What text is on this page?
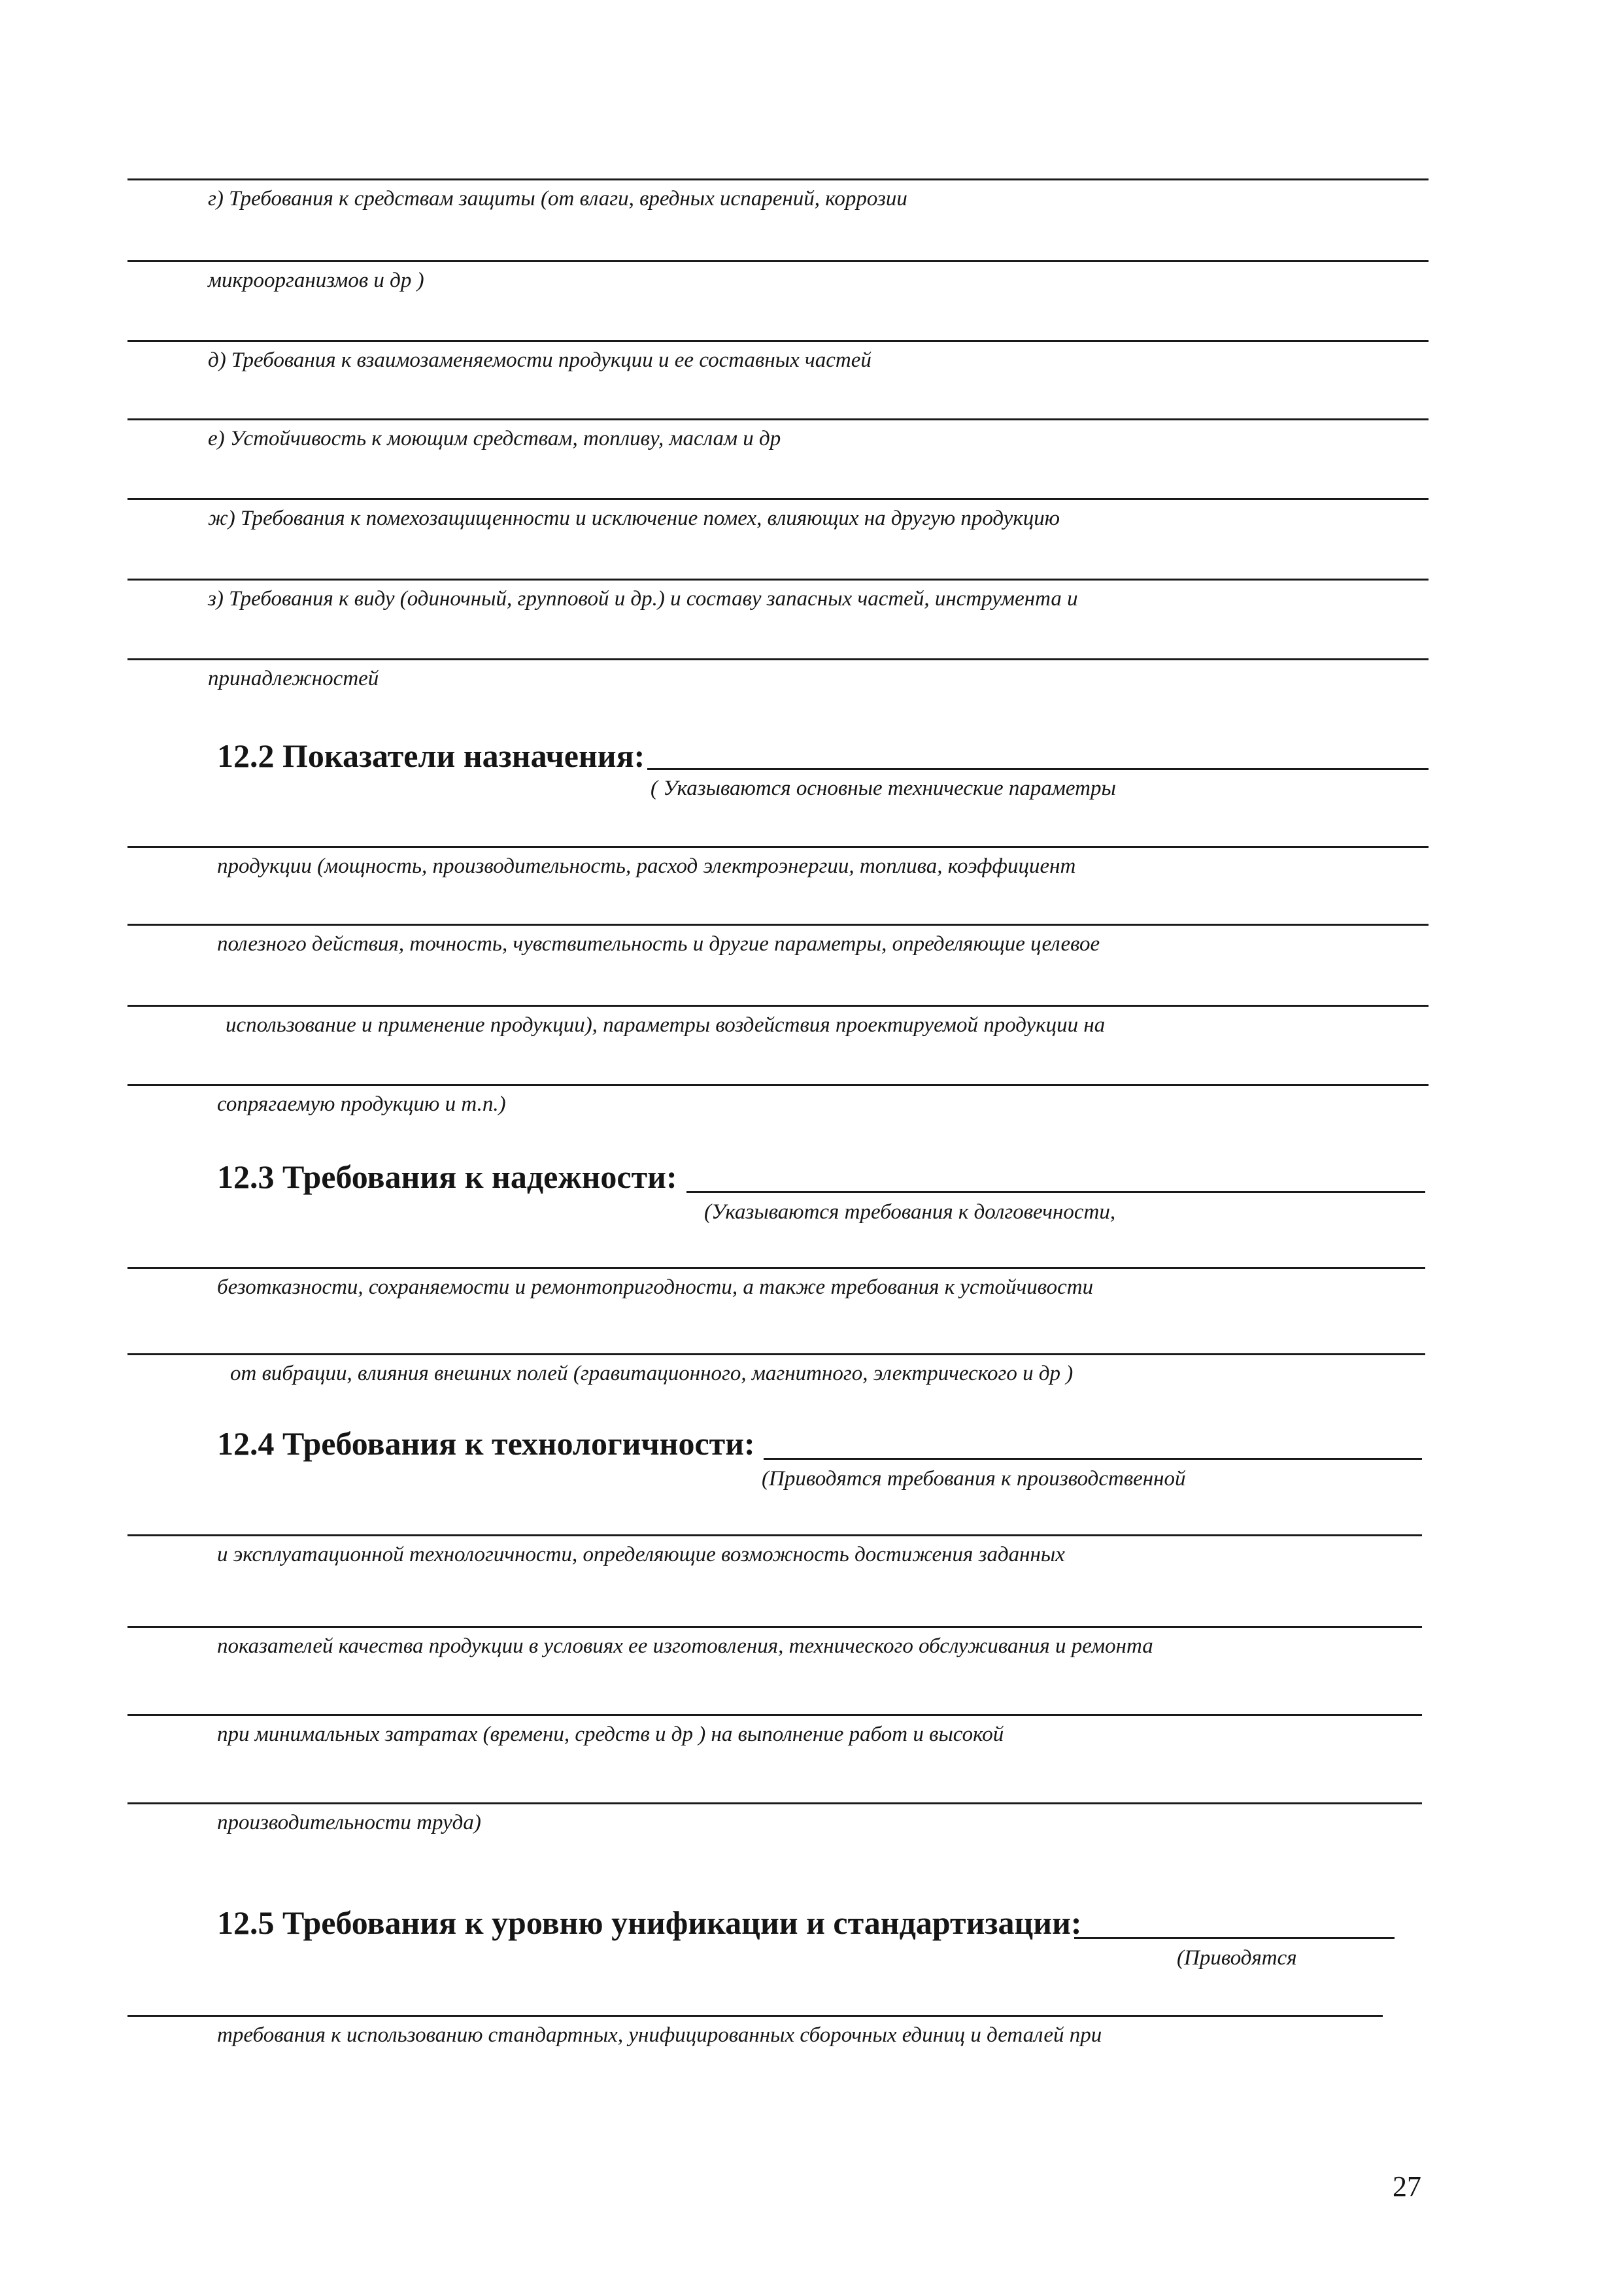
г) Требования к средствам защиты (от влаги, вредных испарений, коррозии
микроорганизмов и др )
д) Требования к взаимозаменяемости продукции и ее составных частей
е) Устойчивость к моющим средствам, топливу, маслам и др
ж) Требования к помехозащищенности и исключение помех, влияющих на другую продукцию
з) Требования к виду (одиночный, групповой и др.) и составу запасных частей, инструмента и
принадлежностей
12.2 Показатели назначения:
( Указываются основные технические параметры
продукции (мощность, производительность, расход электроэнергии, топлива, коэффициент
полезного действия, точность, чувствительность и другие параметры, определяющие целевое
использование и применение продукции), параметры воздействия проектируемой продукции на
сопрягаемую продукцию и т.п.)
12.3 Требования к надежности:
(Указываются требования к долговечности,
безотказности, сохраняемости и ремонтопригодности, а также требования к устойчивости
от вибрации, влияния внешних полей (гравитационного, магнитного, электрического и др )
12.4 Требования к технологичности:
(Приводятся требования к производственной
и эксплуатационной технологичности, определяющие возможность достижения заданных
показателей качества продукции в условиях ее изготовления, технического обслуживания и ремонта
при минимальных затратах (времени, средств и др ) на выполнение работ и высокой
производительности труда)
12.5 Требования к уровню унификации и стандартизации:
(Приводятся
требования к использованию стандартных, унифицированных сборочных единиц и деталей при
27
